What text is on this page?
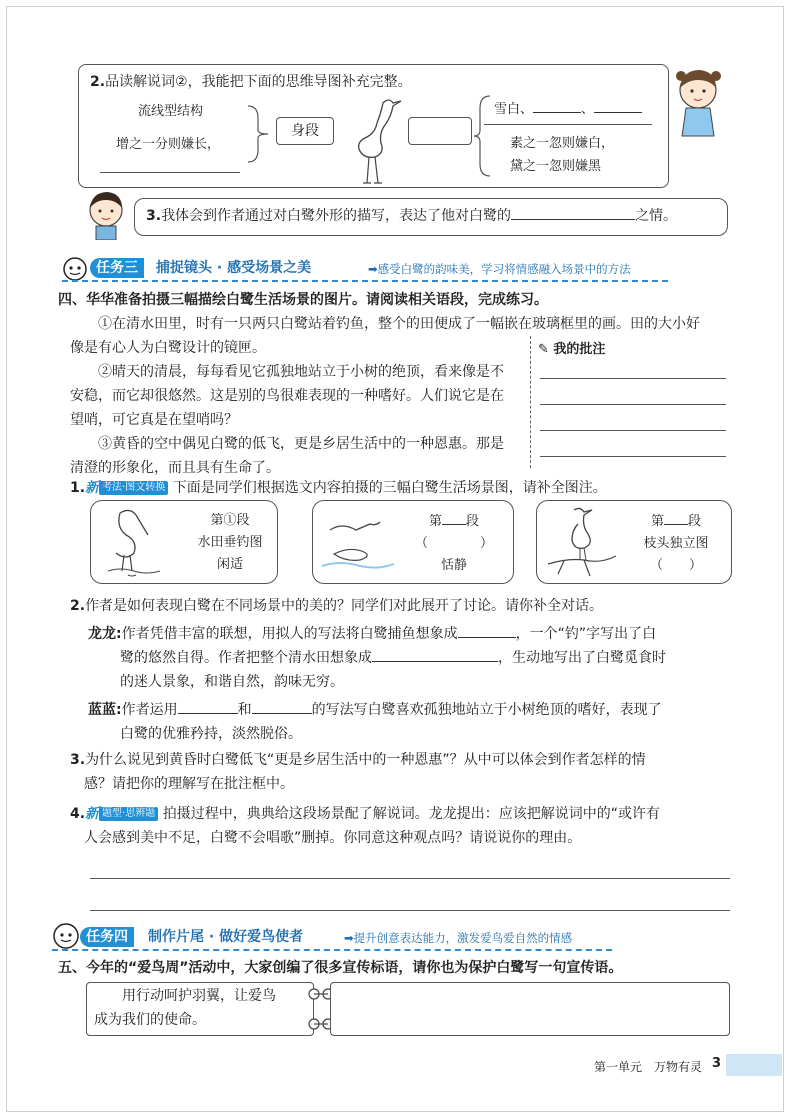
2.品读解说词②，我能把下面的思维导图补充完整。
流线型结构
增之一分则嫌长，
身段
雪白、	、
素之一忽则嫌白，
黛之一忽则嫌黑
3.我体会到作者通过对白鹭外形的描写，表达了他对白鹭的	之情。
任务三	捕捉镜头 · 感受场景之美	➡感受白鹭的韵味美，学习将情感融入场景中的方法
四、华华准备拍摄三幅描绘白鹭生活场景的图片。请阅读相关语段，完成练习。
①在清水田里，时有一只两只白鹭站着钓鱼，整个的田便成了一幅嵌在玻璃框里的画。田的大小好
像是有心人为白鹭设计的镜匣。
②晴天的清晨，每每看见它孤独地站立于小树的绝顶，看来像是不
安稳，而它却很悠然。这是别的鸟很难表现的一种嗜好。人们说它是在
望哨，可它真是在望哨吗？
③黄昏的空中偶见白鹭的低飞，更是乡居生活中的一种恩惠。那是
清澄的形象化，而且具有生命了。
✎ 我的批注
1.新 考法·图文转换 下面是同学们根据选文内容拍摄的三幅白鹭生活场景图，请补全图注。
第①段
水田垂钓图
闲适
第 段
（　　　　）
恬静
第 段
枝头独立图
（　　）
2.作者是如何表现白鹭在不同场景中的美的？同学们对此展开了讨论。请你补全对话。
龙龙:作者凭借丰富的联想，用拟人的写法将白鹭捕鱼想象成	，一个“钓”字写出了白
鹭的悠然自得。作者把整个清水田想象成	，生动地写出了白鹭觅食时
的迷人景象，和谐自然，韵味无穷。
蓝蓝:作者运用	和	的写法写白鹭喜欢孤独地站立于小树绝顶的嗜好，表现了
白鹭的优雅矜持，淡然脱俗。
3.为什么说见到黄昏时白鹭低飞“更是乡居生活中的一种恩惠”？从中可以体会到作者怎样的情
感？请把你的理解写在批注框中。
4.新 题型·思辨题 拍摄过程中，典典给这段场景配了解说词。龙龙提出：应该把解说词中的“或许有
人会感到美中不足，白鹭不会唱歌”删掉。你同意这种观点吗？请说说你的理由。
任务四	制作片尾 · 做好爱鸟使者	➡提升创意表达能力，激发爱鸟爱自然的情感
五、今年的“爱鸟周”活动中，大家创编了很多宣传标语，请你也为保护白鹭写一句宣传语。
用行动呵护羽翼，让爱鸟
成为我们的使命。
第一单元　万物有灵 3
